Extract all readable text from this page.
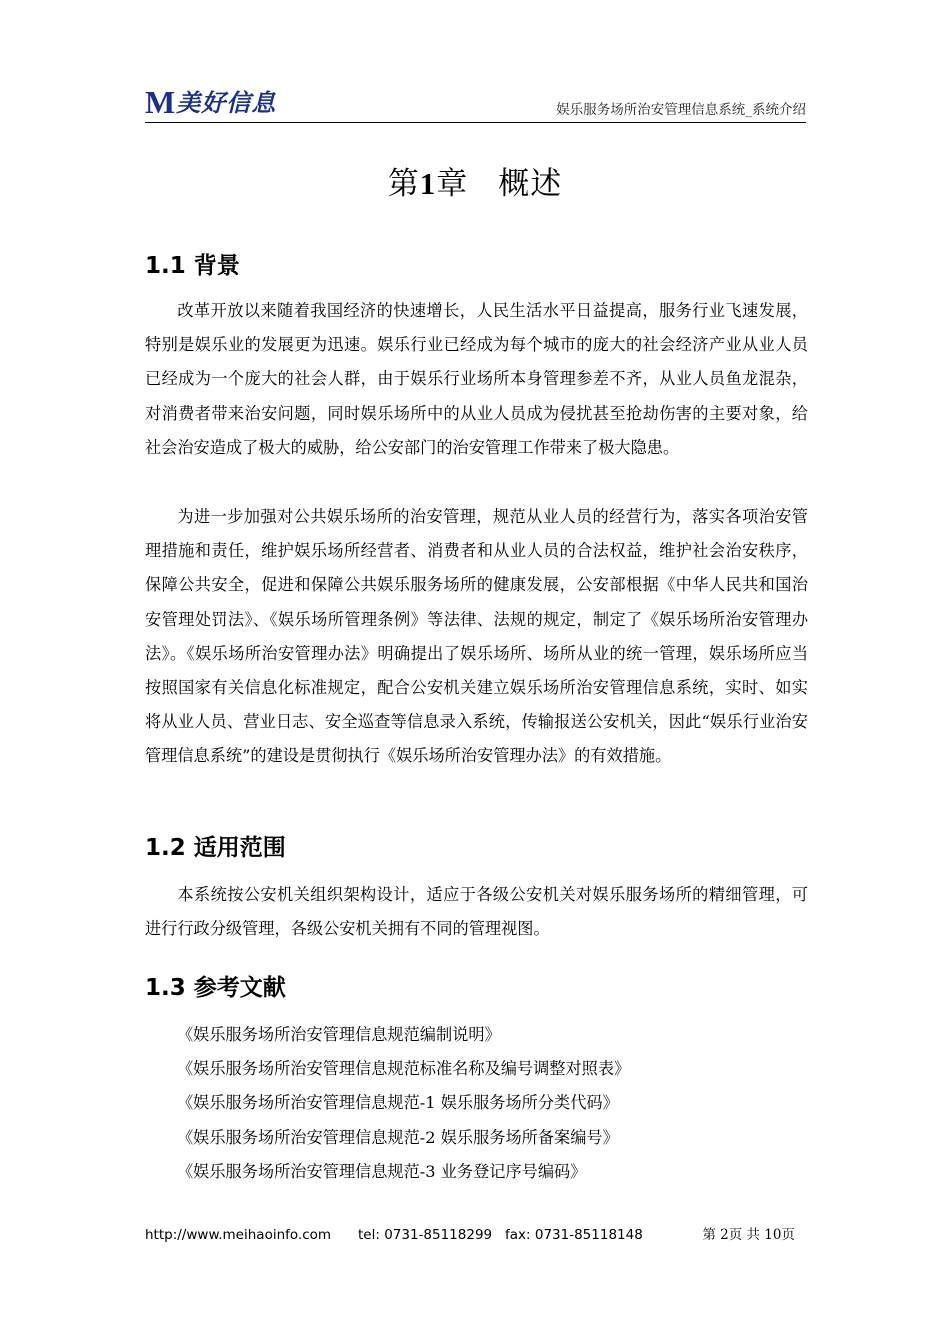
M 美好信息	娱乐服务场所治安管理信息系统_系统介绍
第1章 概述
1.1 背景

改革开放以来随着我国经济的快速增长，人民生活水平日益提高，服务行业飞速发展，特别是娱乐业的发展更为迅速。娱乐行业已经成为每个城市的庞大的社会经济产业从业人员已经成为一个庞大的社会人群，由于娱乐行业场所本身管理参差不齐，从业人员鱼龙混杂，对消费者带来治安问题，同时娱乐场所中的从业人员成为侵扰甚至抢劫伤害的主要对象，给社会治安造成了极大的威胁，给公安部门的治安管理工作带来了极大隐患。

为进一步加强对公共娱乐场所的治安管理，规范从业人员的经营行为，落实各项治安管理措施和责任，维护娱乐场所经营者、消费者和从业人员的合法权益，维护社会治安秩序，保障公共安全，促进和保障公共娱乐服务场所的健康发展，公安部根据《中华人民共和国治安管理处罚法》、《娱乐场所管理条例》等法律、法规的规定，制定了《娱乐场所治安管理办法》。《娱乐场所治安管理办法》明确提出了娱乐场所、场所从业的统一管理，娱乐场所应当按照国家有关信息化标准规定，配合公安机关建立娱乐场所治安管理信息系统，实时、如实将从业人员、营业日志、安全巡查等信息录入系统，传输报送公安机关，因此“娱乐行业治安管理信息系统”的建设是贯彻执行《娱乐场所治安管理办法》的有效措施。

1.2 适用范围

本系统按公安机关组织架构设计，适应于各级公安机关对娱乐服务场所的精细管理，可进行行政分级管理，各级公安机关拥有不同的管理视图。

1.3 参考文献
《娱乐服务场所治安管理信息规范编制说明》
《娱乐服务场所治安管理信息规范标准名称及编号调整对照表》
《娱乐服务场所治安管理信息规范-1 娱乐服务场所分类代码》
《娱乐服务场所治安管理信息规范-2 娱乐服务场所备案编号》
《娱乐服务场所治安管理信息规范-3 业务登记序号编码》
http://www.meihaoinfo.com tel: 0731-85118299 fax: 0731-85118148	第 2页 共 10页
